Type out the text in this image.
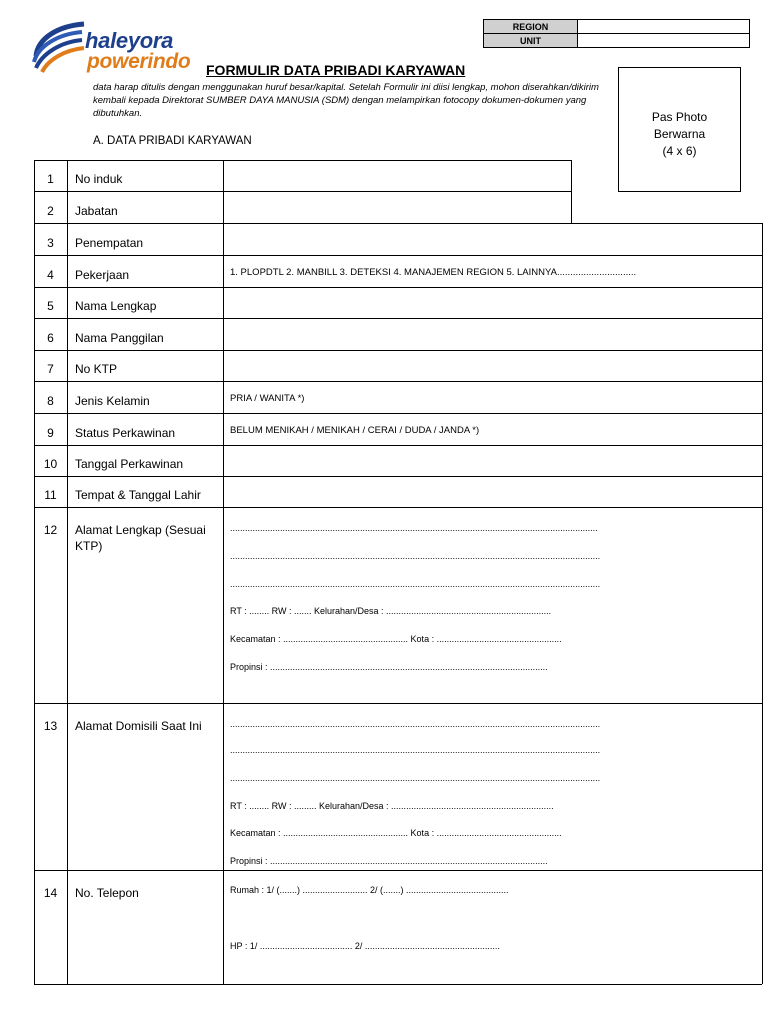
haleyora
powerindo
REGION	
UNIT	
FORMULIR DATA PRIBADI KARYAWAN
data harap ditulis dengan menggunakan huruf besar/kapital. Setelah Formulir ini diisi lengkap, mohon diserahkan/dikirim kembali kepada Direktorat SUMBER DAYA MANUSIA (SDM) dengan melampirkan fotocopy dokumen-dokumen yang dibutuhkan.
A. DATA PRIBADI KARYAWAN
Pas Photo
Berwarna
(4 x 6)
1	No induk
2	Jabatan
3	Penempatan
4	Pekerjaan	1. PLOPDTL 2. MANBILL 3. DETEKSI 4. MANAJEMEN REGION 5. LAINNYA..............................
5	Nama Lengkap
6	Nama Panggilan
7	No KTP
8	Jenis Kelamin	PRIA / WANITA *)
9	Status Perkawinan	BELUM MENIKAH / MENIKAH / CERAI / DUDA / JANDA *)
10	Tanggal Perkawinan
11	Tempat & Tanggal Lahir
12	Alamat Lengkap (Sesuai KTP)
...................................................................................................................................................
....................................................................................................................................................
....................................................................................................................................................
RT : ........ RW : ....... Kelurahan/Desa : ..................................................................
Kecamatan : .................................................. Kota : ..................................................
Propinsi : ...............................................................................................................
13	Alamat Domisili Saat Ini	....................................................................................................................................................
....................................................................................................................................................
....................................................................................................................................................
RT : ........ RW : ......... Kelurahan/Desa : .................................................................
Kecamatan : .................................................. Kota : ..................................................
Propinsi : ...............................................................................................................
14	No. Telepon	Rumah : 1/ (.......) .......................... 2/ (.......) .........................................
HP : 1/ ..................................... 2/ ......................................................
